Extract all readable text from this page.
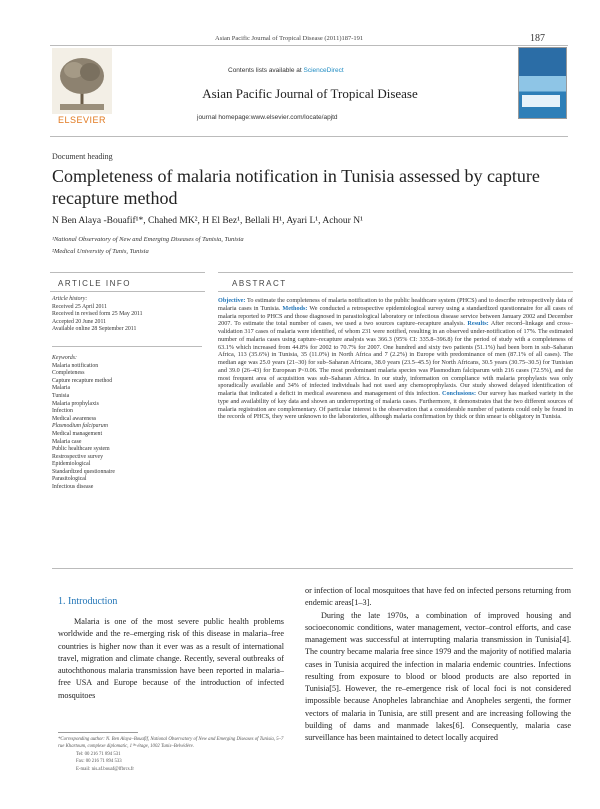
Asian Pacific Journal of Tropical Disease (2011)187-191	187
ELSEVIER
Contents lists available at ScienceDirect
Asian Pacific Journal of Tropical Disease
journal homepage:www.elsevier.com/locate/apjtd
Document heading
Completeness of malaria notification in Tunisia assessed by capture recapture method
N Ben Alaya -Bouafif¹*, Chahed MK², H El Bez¹, Bellali H¹, Ayari L¹, Achour N¹
¹National Observatory of New and Emerging Diseases of Tunisia, Tunisia
²Medical University of Tunis, Tunisia
ARTICLE INFO	ABSTRACT
Article history:
Received 25 April 2011
Received in revised form 25 May 2011
Accepted 20 June 2011
Available online 28 September 2011
Keywords:
Malaria notification
Completeness
Capture recapture method
Malaria
Tunisia
Malaria prophylaxis
Infection
Medical awareness
Plasmodium falciparum
Medical management
Malaria case
Public healthcare system
Restrospective survey
Epidemiological
Standardized questionnaire
Parasitological
Infectious disease
Objective: To estimate the completeness of malaria notification to the public healthcare system (PHCS) and to describe retrospectively data of malaria cases in Tunisia. Methods: We conducted a retrospective epidemiological survey using a standardized questionnaire for all cases of malaria reported to PHCS and those diagnosed in parasitological laboratory or infectious disease service between January 2002 and December 2007. To estimate the total number of cases, we used a two sources capture–recapture analysis. Results: After record–linkage and cross–validation 317 cases of malaria were identified, of whom 231 were notified, resulting in an observed under-notification of 17%. The estimated number of malaria cases using capture–recapture analysis was 366.3 (95% CI: 335.8–396.8) for the period of study with a completeness of 63.1% which increased from 44.8% for 2002 to 70.7% for 2007. One hundred and sixty two patients (51.1%) had been born in sub–Saharan Africa, 113 (35.6%) in Tunisia, 35 (11.0%) in North Africa and 7 (2.2%) in Europe with predominance of men (87.1% of all cases). The median age was 25.0 years (21–30) for sub–Saharan Africans, 38.0 years (23.5–45.5) for North Africans, 30.5 years (30.75–30.5) for Tunisian and 39.0 (26–43) for European P<0.06. The most predominant malaria species was Plasmodium falciparum with 216 cases (72.5%), and the most frequent area of acquisition was sub–Saharan Africa. In our study, information on compliance with malaria prophylaxis was only sporadically available and 34% of infected individuals had not used any chemoprophylaxis. Our study showed delayed identification of malaria that indicated a deficit in medical awareness and management of this infection. Conclusions: Our survey has marked variety in the type and availability of key data and shown an underreporting of malaria cases. Furthermore, it demonstrates that the two different sources of malaria registration are complementary. Of particular interest is the observation that a considerable number of patients could only be found in the records of PHCS, they were unknown to the laboratories, although malaria confirmation by thick or thin smear is obligatory in Tunisia.
1. Introduction
Malaria is one of the most severe public health problems worldwide and the re–emerging risk of this disease in malaria–free countries is higher now than it ever was as a result of international travel, migration and climate change. Recently, several outbreaks of autochthonous malaria transmission have been reported in malaria–free USA and Europe because of the introduction of infected mosquitoes
or infection of local mosquitoes that have fed on infected persons returning from endemic areas[1–3].
During the late 1970s, a combination of improved housing and socioeconomic conditions, water management, vector–control efforts, and case management was successful at interrupting malaria transmission in Tunisia[4]. The country became malaria free since 1979 and the majority of notified malaria cases in Tunisia acquired the infection in malaria endemic countries. Infections resulting from exposure to blood or blood products are also reported in Tunisia[5]. However, the re–emergence risk of local foci is not considered impossible because Anopheles labranchiae and Anopheles sergenti, the former vectors of malaria in Tunisia, are still present and are increasing following the building of dams and manmade lakes[6]. Consequently, malaria case surveillance has been maintained to detect locally acquired
*Corresponding author: N. Ben Alaya–Bouafif, National Observatory of New and Emerging Diseases of Tunisia, 5–7 rue Khartoum, complexe diplomatic, 1⁰ᵗʰ étage, 1002 Tunis–Belvédère.
Tel: 00 216 71 894 531
Fax: 00 216 71 894 533
E-mail: nis.af.bouaf@lfbrcs.fr
